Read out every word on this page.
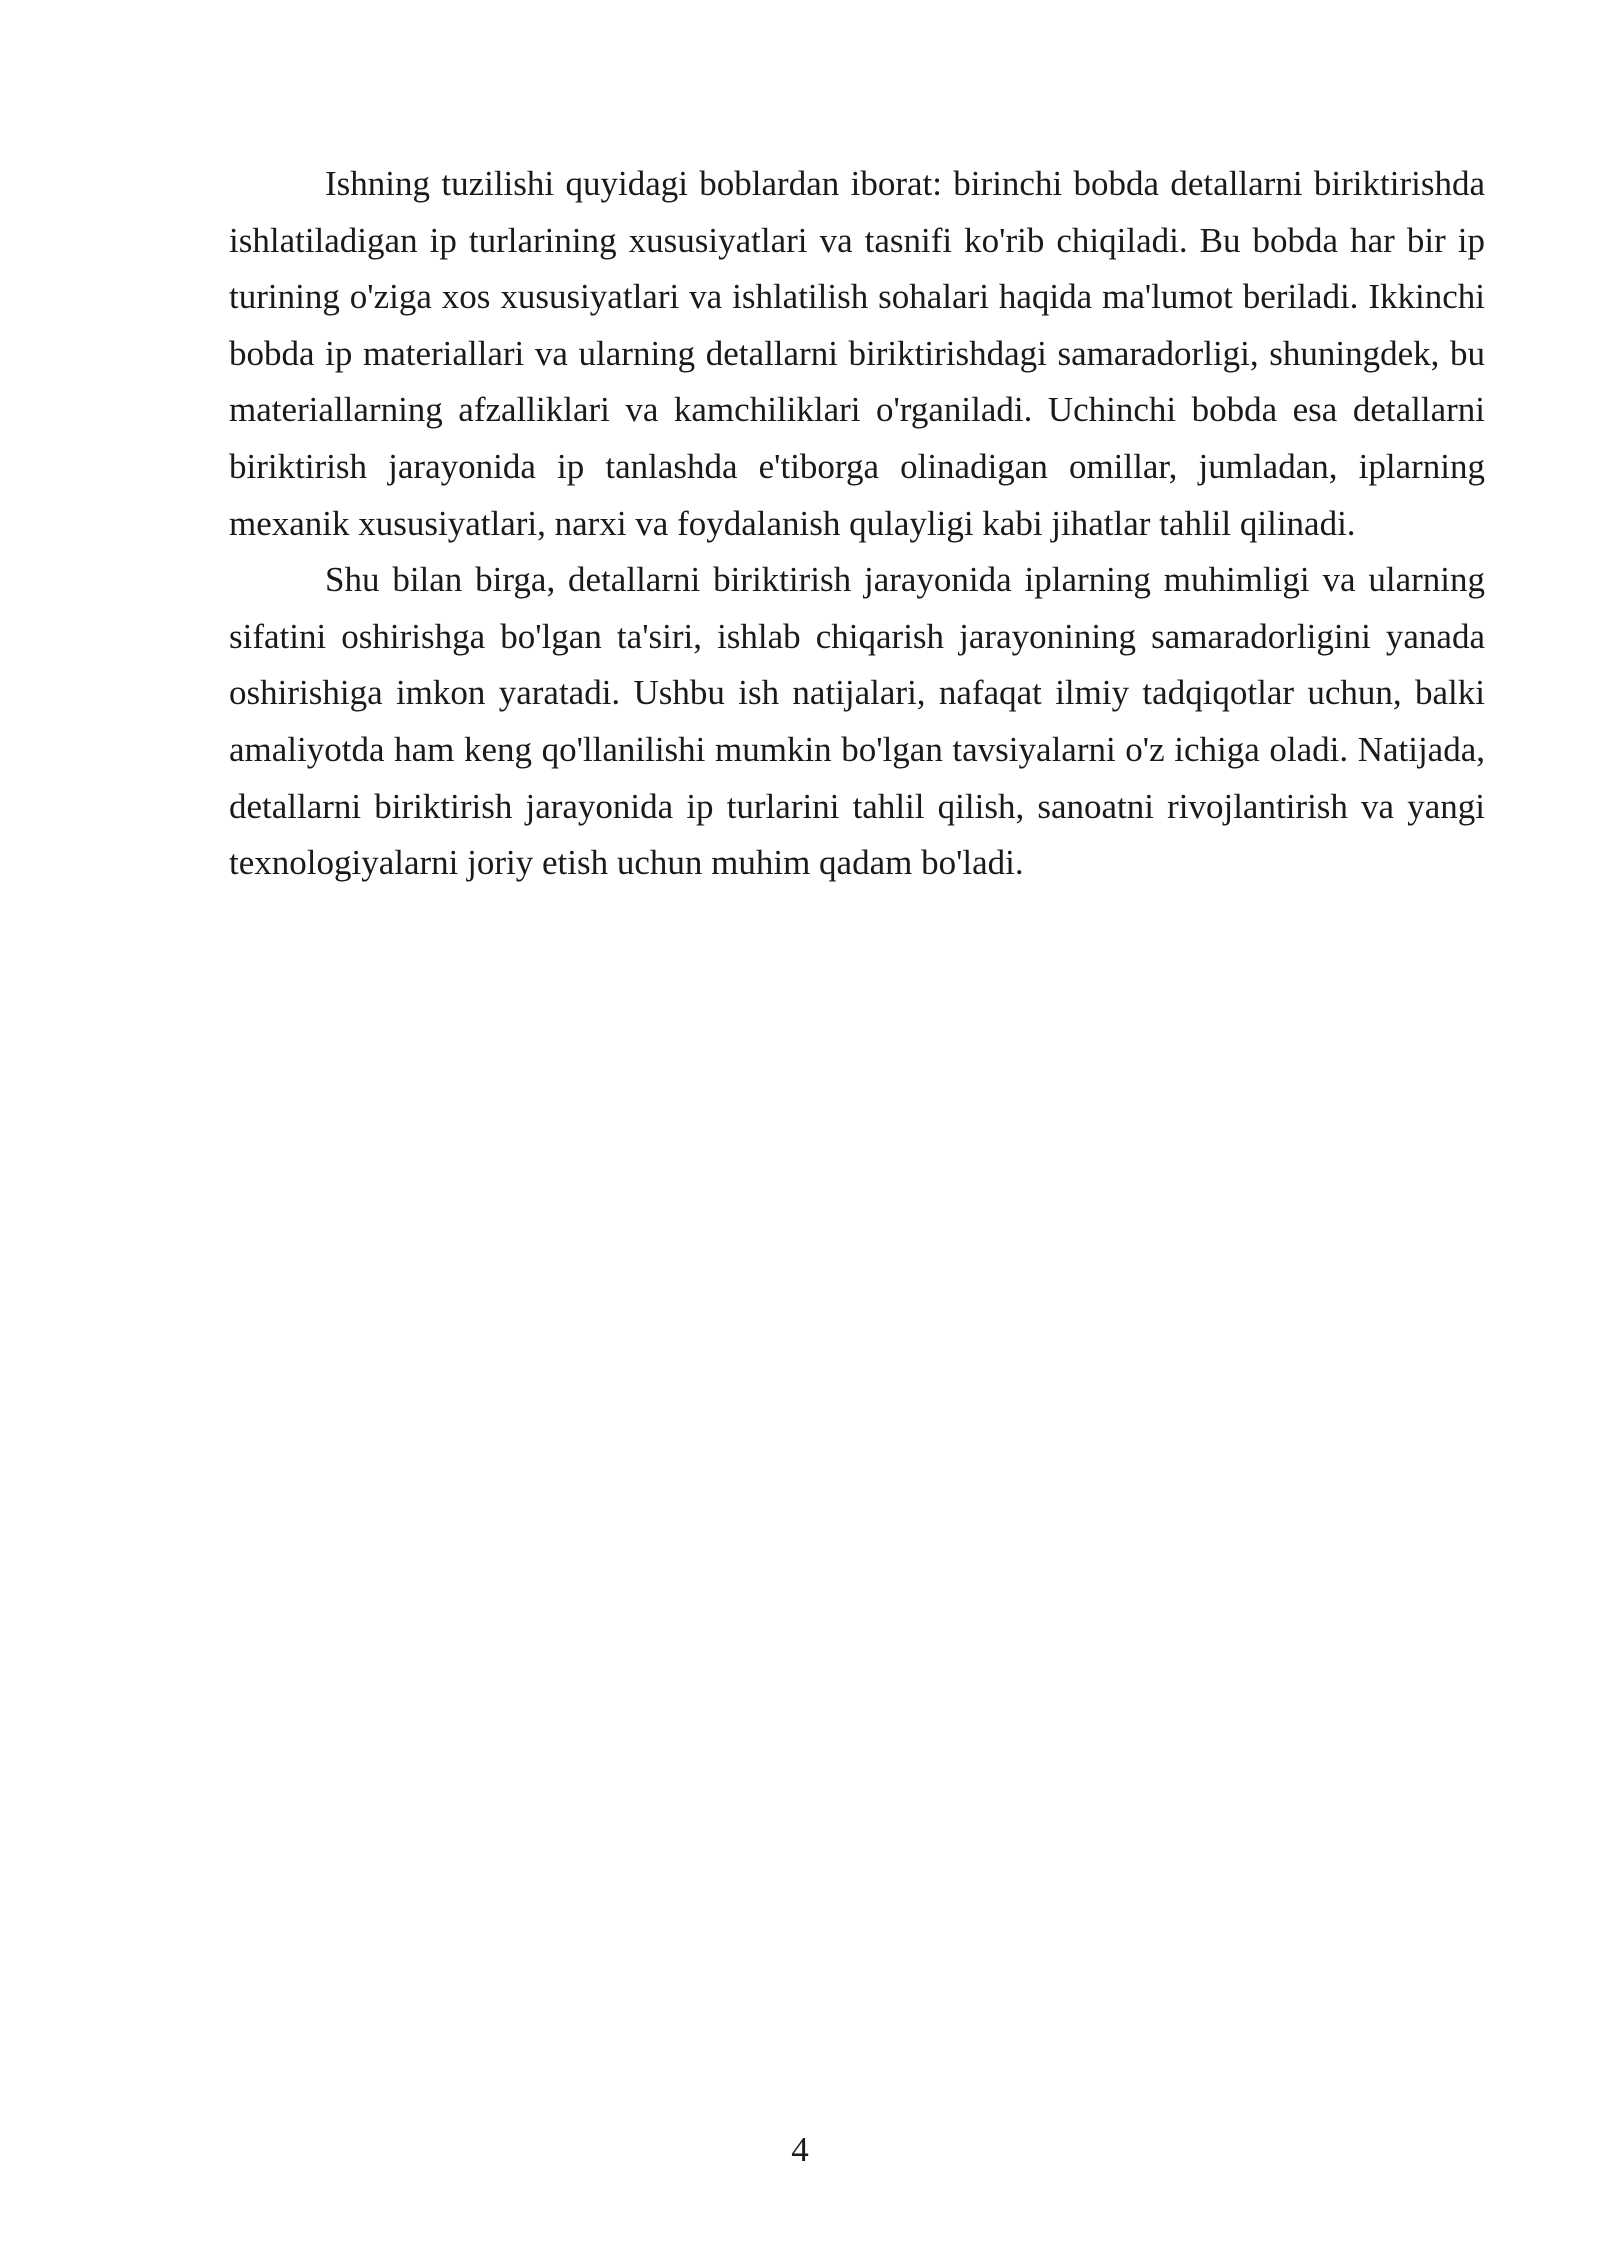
Ishning tuzilishi quyidagi boblardan iborat: birinchi bobda detallarni biriktirishda ishlatiladigan ip turlarining xususiyatlari va tasnifi ko'rib chiqiladi. Bu bobda har bir ip turining o'ziga xos xususiyatlari va ishlatilish sohalari haqida ma'lumot beriladi. Ikkinchi bobda ip materiallari va ularning detallarni biriktirishdagi samaradorligi, shuningdek, bu materiallarning afzalliklari va kamchiliklari o'rganiladi. Uchinchi bobda esa detallarni biriktirish jarayonida ip tanlashda e'tiborga olinadigan omillar, jumladan, iplarning mexanik xususiyatlari, narxi va foydalanish qulayligi kabi jihatlar tahlil qilinadi.

Shu bilan birga, detallarni biriktirish jarayonida iplarning muhimligi va ularning sifatini oshirishga bo'lgan ta'siri, ishlab chiqarish jarayonining samaradorligini yanada oshirishiga imkon yaratadi. Ushbu ish natijalari, nafaqat ilmiy tadqiqotlar uchun, balki amaliyotda ham keng qo'llanilishi mumkin bo'lgan tavsiyalarni o'z ichiga oladi. Natijada, detallarni biriktirish jarayonida ip turlarini tahlil qilish, sanoatni rivojlantirish va yangi texnologiyalarni joriy etish uchun muhim qadam bo'ladi.

4
